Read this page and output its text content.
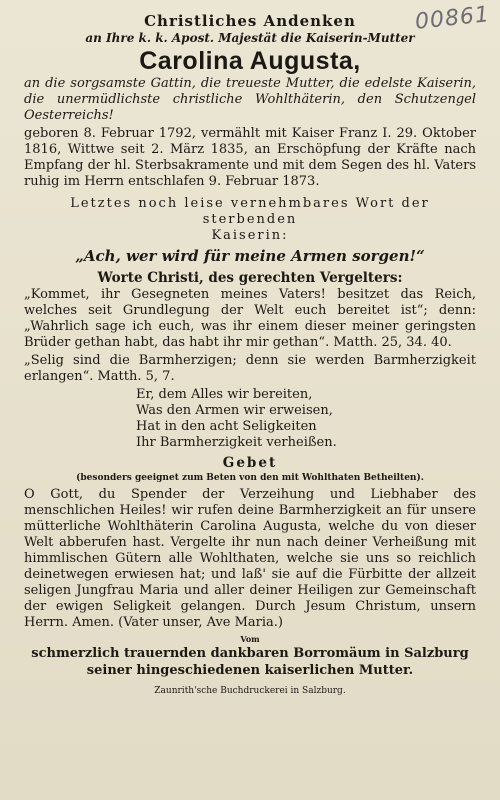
00861
Christliches Andenken
an Ihre k. k. Apost. Majestät die Kaiserin-Mutter
Carolina Augusta,
an die sorgsamste Gattin, die treueste Mutter, die edelste Kaiserin, die unermüdlichste christliche Wohlthäterin, den Schutzengel Oesterreichs!
geboren 8. Februar 1792, vermählt mit Kaiser Franz I. 29. Oktober 1816, Wittwe seit 2. März 1835, an Erschöpfung der Kräfte nach Empfang der hl. Sterbsakramente und mit dem Segen des hl. Vaters ruhig im Herrn entschlafen 9. Februar 1873.
Letztes noch leise vernehmbares Wort der sterbenden
Kaiserin:
„Ach, wer wird für meine Armen sorgen!“
Worte Christi, des gerechten Vergelters:
„Kommet, ihr Gesegneten meines Vaters! besitzet das Reich, welches seit Grundlegung der Welt euch bereitet ist“; denn: „Wahrlich sage ich euch, was ihr einem dieser meiner geringsten Brüder gethan habt, das habt ihr mir gethan“. Matth. 25, 34. 40.
„Selig sind die Barmherzigen; denn sie werden Barmherzigkeit erlangen“. Matth. 5, 7.
Er, dem Alles wir bereiten,
Was den Armen wir erweisen,
Hat in den acht Seligkeiten
Ihr Barmherzigkeit verheißen.
Gebet
(besonders geeignet zum Beten von den mit Wohlthaten Betheilten).
O Gott, du Spender der Verzeihung und Liebhaber des menschlichen Heiles! wir rufen deine Barmherzigkeit an für unsere mütterliche Wohlthäterin Carolina Augusta, welche du von dieser Welt abberufen hast. Vergelte ihr nun nach deiner Verheißung mit himmlischen Gütern alle Wohlthaten, welche sie uns so reichlich deinetwegen erwiesen hat; und laß' sie auf die Fürbitte der allzeit seligen Jungfrau Maria und aller deiner Heiligen zur Gemeinschaft der ewigen Seligkeit gelangen. Durch Jesum Christum, unsern Herrn. Amen. (Vater unser, Ave Maria.)
Vom
schmerzlich trauernden dankbaren Borromäum in Salzburg
seiner hingeschiedenen kaiserlichen Mutter.
Zaunrith'sche Buchdruckerei in Salzburg.
